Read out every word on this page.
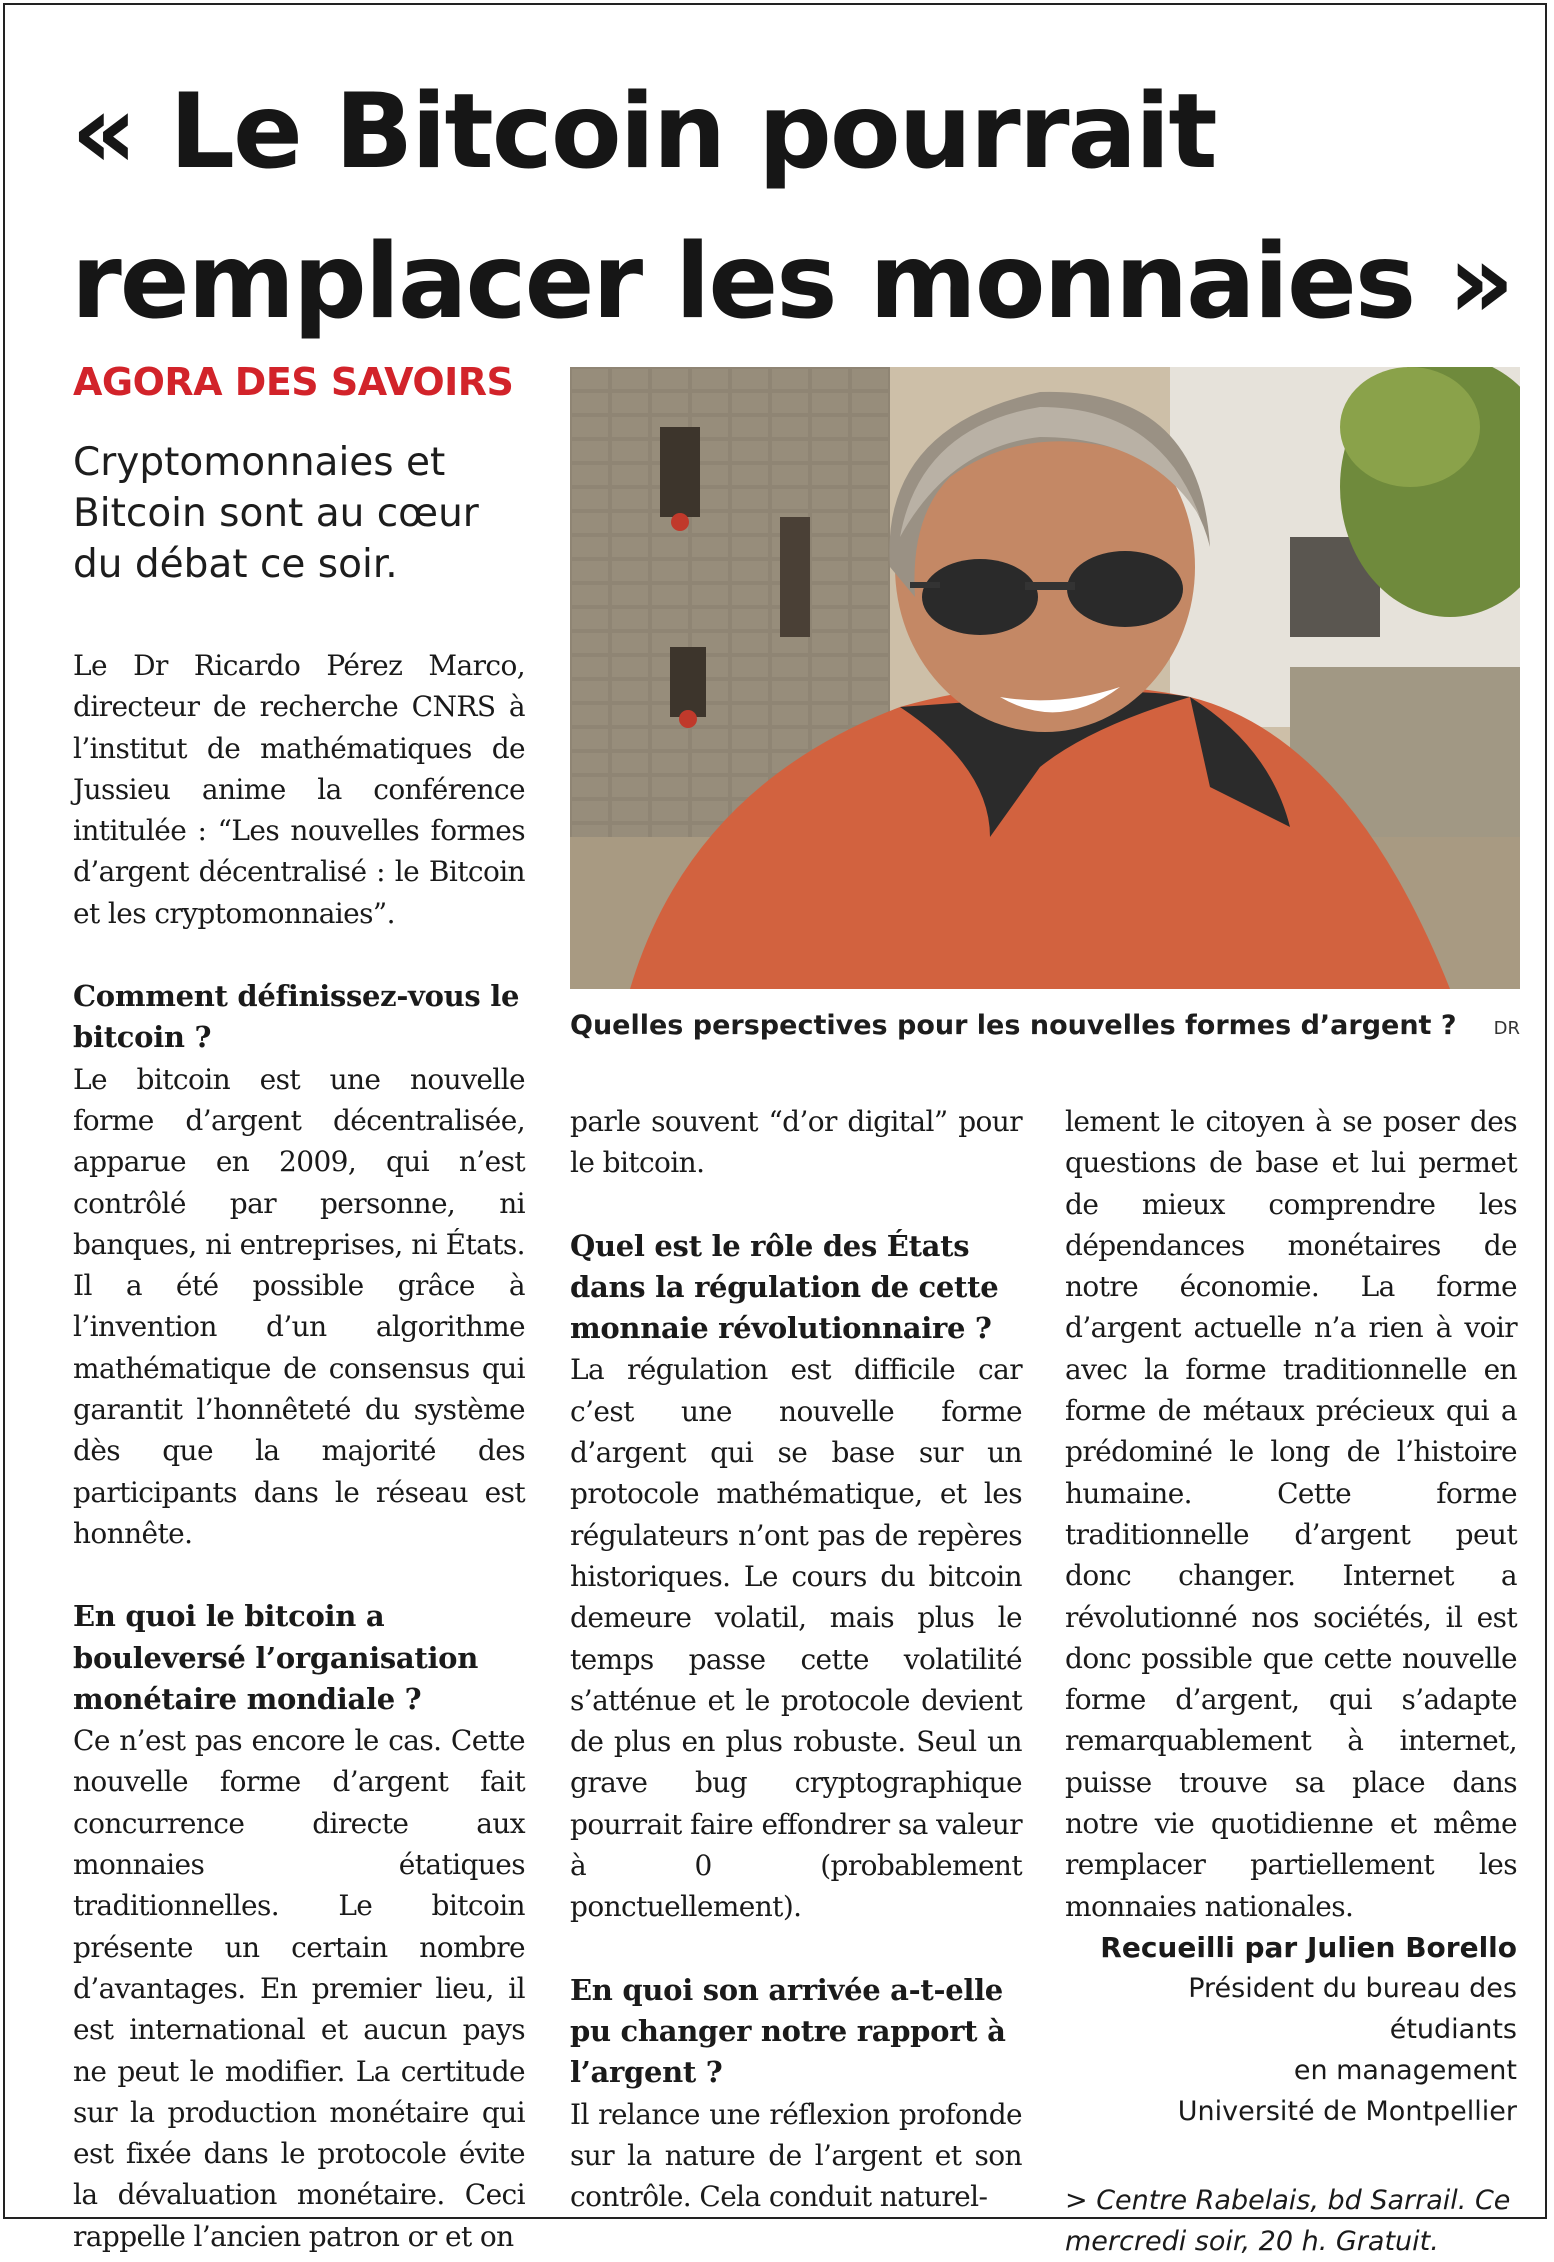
« Le Bitcoin pourrait
remplacer les monnaies »
AGORA DES SAVOIRS
Cryptomonnaies et Bitcoin sont au cœur du débat ce soir.
Quelles perspectives pour les nouvelles formes d’argent ? DR

Le Dr Ricardo Pérez Marco, directeur de recherche CNRS à l’institut de mathématiques de Jussieu anime la conférence intitulée : “Les nouvelles formes d’argent décentralisé : le Bitcoin et les cryptomonnaies”.

Comment définissez-vous le bitcoin ?

Le bitcoin est une nouvelle forme d’argent décentralisée, apparue en 2009, qui n’est contrôlé par personne, ni banques, ni entreprises, ni États. Il a été possible grâce à l’invention d’un algorithme mathématique de consensus qui garantit l’honnêteté du système dès que la majorité des participants dans le réseau est honnête.

En quoi le bitcoin a bouleversé l’organisation monétaire mondiale ?

Ce n’est pas encore le cas. Cette nouvelle forme d’argent fait concurrence directe aux monnaies étatiques traditionnelles. Le bitcoin présente un certain nombre d’avantages. En premier lieu, il est international et aucun pays ne peut le modifier. La certitude sur la production monétaire qui est fixée dans le protocole évite la dévaluation monétaire. Ceci rappelle l’ancien patron or et on

parle souvent “d’or digital” pour le bitcoin.

Quel est le rôle des États dans la régulation de cette monnaie révolutionnaire ?

La régulation est difficile car c’est une nouvelle forme d’argent qui se base sur un protocole mathématique, et les régulateurs n’ont pas de repères historiques. Le cours du bitcoin demeure volatil, mais plus le temps passe cette volatilité s’atténue et le protocole devient de plus en plus robuste. Seul un grave bug cryptographique pourrait faire effondrer sa valeur à 0 (probablement ponctuellement).

En quoi son arrivée a-t-elle pu changer notre rapport à l’argent ?

Il relance une réflexion profonde sur la nature de l’argent et son contrôle. Cela conduit naturel-

lement le citoyen à se poser des questions de base et lui permet de mieux comprendre les dépendances monétaires de notre économie. La forme d’argent actuelle n’a rien à voir avec la forme traditionnelle en forme de métaux précieux qui a prédominé le long de l’histoire humaine. Cette forme traditionnelle d’argent peut donc changer. Internet a révolutionné nos sociétés, il est donc possible que cette nouvelle forme d’argent, qui s’adapte remarquablement à internet, puisse trouve sa place dans notre vie quotidienne et même remplacer partiellement les monnaies nationales.

Recueilli par Julien Borello
Président du bureau des étudiants
en management
Université de Montpellier
> Centre Rabelais, bd Sarrail. Ce mercredi soir, 20 h. Gratuit.
